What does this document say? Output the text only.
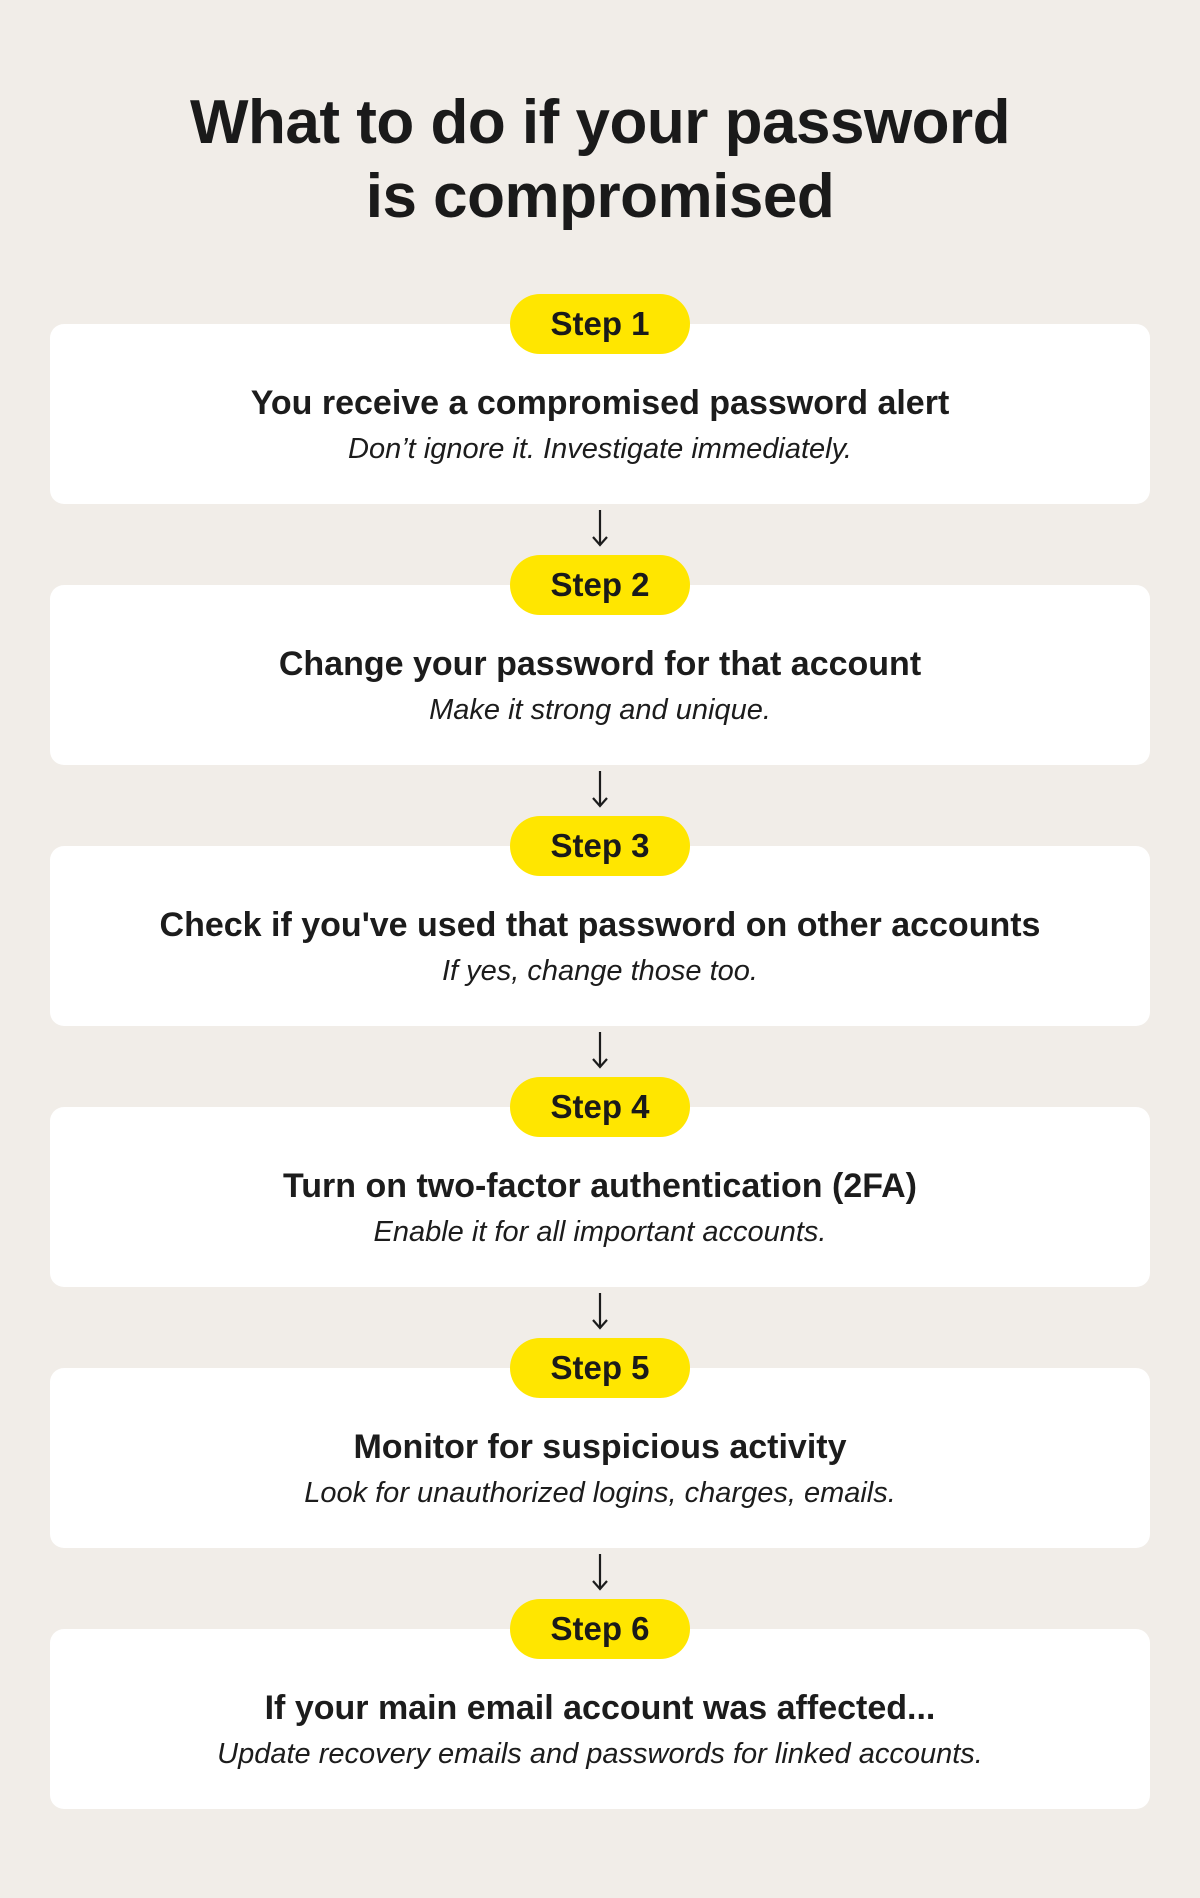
What to do if your password
is compromised
Step 1
You receive a compromised password alert
Don’t ignore it. Investigate immediately.
Step 2
Change your password for that account
Make it strong and unique.
Step 3
Check if you've used that password on other accounts
If yes, change those too.
Step 4
Turn on two-factor authentication (2FA)
Enable it for all important accounts.
Step 5
Monitor for suspicious activity
Look for unauthorized logins, charges, emails.
Step 6
If your main email account was affected...
Update recovery emails and passwords for linked accounts.
